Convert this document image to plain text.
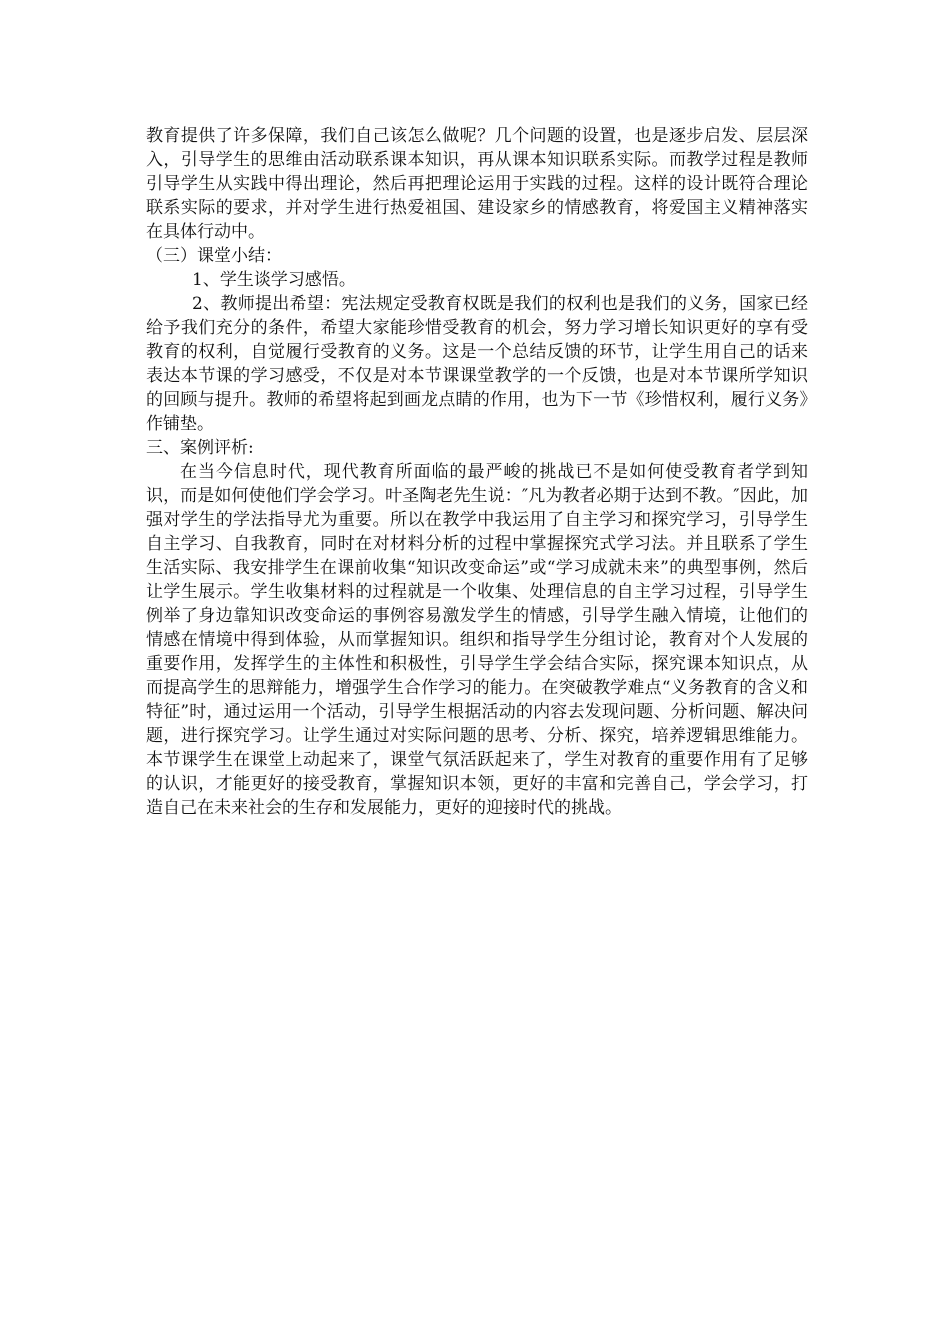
教育提供了许多保障，我们自己该怎么做呢？几个问题的设置，也是逐步启发、层层深入，引导学生的思维由活动联系课本知识，再从课本知识联系实际。而教学过程是教师引导学生从实践中得出理论，然后再把理论运用于实践的过程。这样的设计既符合理论联系实际的要求，并对学生进行热爱祖国、建设家乡的情感教育，将爱国主义精神落实在具体行动中。

（三）课堂小结：

1、学生谈学习感悟。

2、教师提出希望：宪法规定受教育权既是我们的权利也是我们的义务，国家已经给予我们充分的条件，希望大家能珍惜受教育的机会，努力学习增长知识更好的享有受教育的权利，自觉履行受教育的义务。这是一个总结反馈的环节，让学生用自己的话来表达本节课的学习感受，不仅是对本节课课堂教学的一个反馈，也是对本节课所学知识的回顾与提升。教师的希望将起到画龙点睛的作用，也为下一节《珍惜权利，履行义务》作铺垫。

三、案例评析:

在当今信息时代，现代教育所面临的最严峻的挑战已不是如何使受教育者学到知识，而是如何使他们学会学习。叶圣陶老先生说：″凡为教者必期于达到不教。″因此，加强对学生的学法指导尤为重要。所以在教学中我运用了自主学习和探究学习，引导学生自主学习、自我教育，同时在对材料分析的过程中掌握探究式学习法。并且联系了学生生活实际、我安排学生在课前收集“知识改变命运”或“学习成就未来”的典型事例，然后让学生展示。学生收集材料的过程就是一个收集、处理信息的自主学习过程，引导学生例举了身边靠知识改变命运的事例容易激发学生的情感，引导学生融入情境，让他们的情感在情境中得到体验，从而掌握知识。组织和指导学生分组讨论，教育对个人发展的重要作用，发挥学生的主体性和积极性，引导学生学会结合实际，探究课本知识点，从而提高学生的思辩能力，增强学生合作学习的能力。在突破教学难点“义务教育的含义和特征”时，通过运用一个活动，引导学生根据活动的内容去发现问题、分析问题、解决问题，进行探究学习。让学生通过对实际问题的思考、分析、探究，培养逻辑思维能力。本节课学生在课堂上动起来了，课堂气氛活跃起来了，学生对教育的重要作用有了足够的认识，才能更好的接受教育，掌握知识本领，更好的丰富和完善自己，学会学习，打造自己在未来社会的生存和发展能力，更好的迎接时代的挑战。
